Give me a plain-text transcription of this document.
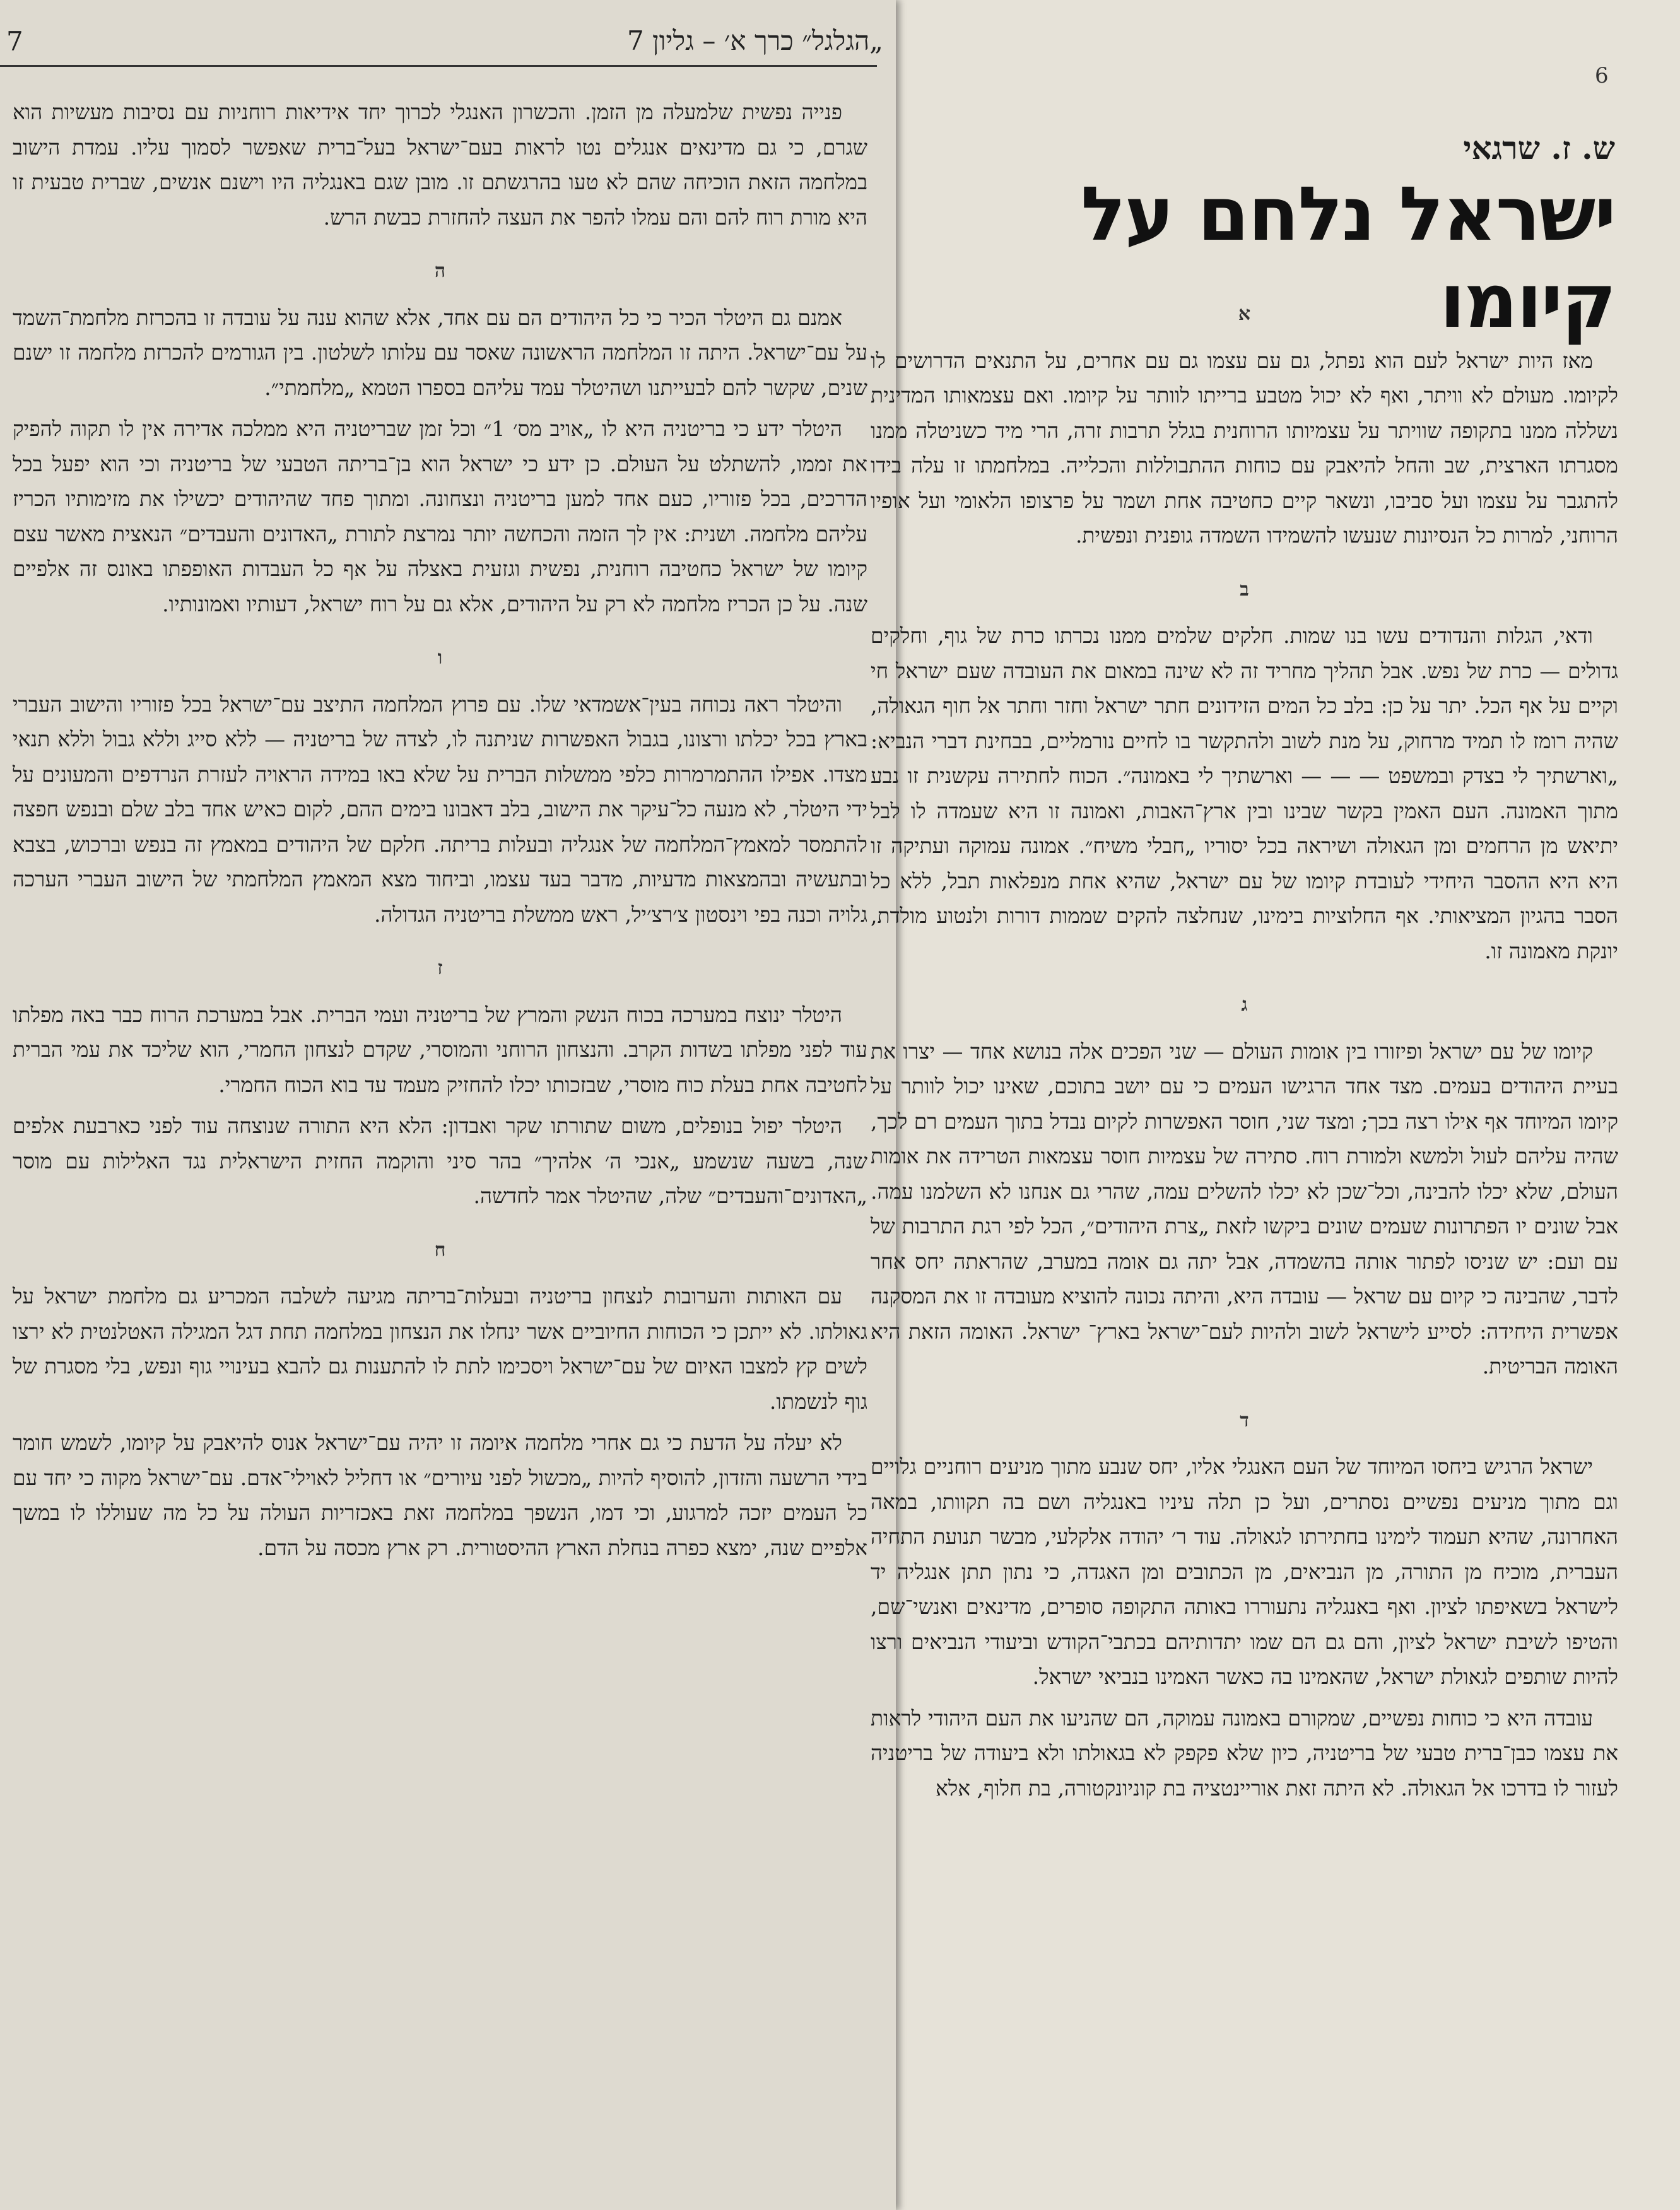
7	„הגלגל״ כרך א׳ – גליון 7
6
ש. ז. שרגאי
ישראל נלחם על קיומו
א

מאז היות ישראל לעם הוא נפתל, גם עם עצמו גם עם אחרים, על התנאים הדרושים לו לקיומו. מעולם לא וויתר, ואף לא יכול מטבע ברייתו לוותר על קיומו. ואם עצמאותו המדינית נשללה ממנו בתקופה שוויתר על עצמיותו הרוחנית בגלל תרבות זרה, הרי מיד כשניטלה ממנו מסגרתו הארצית, שב והחל להיאבק עם כוחות ההתבוללות והכלייה. במלחמתו זו עלה בידו להתגבר על עצמו ועל סביבו, ונשאר קיים כחטיבה אחת ושמר על פרצופו הלאומי ועל אופיו הרוחני, למרות כל הנסיונות שנעשו להשמידו השמדה גופנית ונפשית.

ב

ודאי, הגלות והנדודים עשו בנו שמות. חלקים שלמים ממנו נכרתו כרת של גוף, וחלקים גדולים — כרת של נפש. אבל תהליך מחריד זה לא שינה במאום את העובדה שעם ישראל חי וקיים על אף הכל. יתר על כן: בלב כל המים הזידונים חתר ישראל וחזר וחתר אל חוף הגאולה, שהיה רומז לו תמיד מרחוק, על מנת לשוב ולהתקשר בו לחיים נורמליים, בבחינת דברי הנביא: „וארשתיך לי בצדק ובמשפט — — — וארשתיך לי באמונה״. הכוח לחתירה עקשנית זו נבע מתוך האמונה. העם האמין בקשר שבינו ובין ארץ־האבות, ואמונה זו היא שעמדה לו לבל יתיאש מן הרחמים ומן הגאולה ושיראה בכל יסוריו „חבלי משיח״. אמונה עמוקה ועתיקה זו היא היא ההסבר היחידי לעובדת קיומו של עם ישראל, שהיא אחת מנפלאות תבל, ללא כל הסבר בהגיון המציאותי. אף החלוציות בימינו, שנחלצה להקים שממות דורות ולנטוע מולדת, יונקת מאמונה זו.

ג

קיומו של עם ישראל ופיזורו בין אומות העולם — שני הפכים אלה בנושא אחד — יצרו את בעיית היהודים בעמים. מצד אחד הרגישו העמים כי עם יושב בתוכם, שאינו יכול לוותר על קיומו המיוחד אף אילו רצה בכך; ומצד שני, חוסר האפשרות לקיום נבדל בתוך העמים רם לכך, שהיה עליהם לעול ולמשא ולמורת רוח. סתירה של עצמיות חוסר עצמאות הטרידה את אומות העולם, שלא יכלו להבינה, וכל־שכן לא יכלו להשלים עמה, שהרי גם אנחנו לא השלמנו עמה. אבל שונים יו הפתרונות שעמים שונים ביקשו לזאת „צרת היהודים״, הכל לפי רגת התרבות של עם ועם: יש שניסו לפתור אותה בהשמדה, אבל יתה גם אומה במערב, שהראתה יחס אחר לדבר, שהבינה כי קיום עם שראל — עובדה היא, והיתה נכונה להוציא מעובדה זו את המסקנה אפשרית היחידה: לסייע לישראל לשוב ולהיות לעם־ישראל בארץ־ ישראל. האומה הזאת היא האומה הבריטית.

ד

ישראל הרגיש ביחסו המיוחד של העם האנגלי אליו, יחס שנבע מתוך מניעים רוחניים גלויים וגם מתוך מניעים נפשיים נסתרים, ועל כן תלה עיניו באנגליה ושם בה תקוותו, במאה האחרונה, שהיא תעמוד לימינו בחתירתו לגאולה. עוד ר׳ יהודה אלקלעי, מבשר תנועת התחיה העברית, מוכיח מן התורה, מן הנביאים, מן הכתובים ומן האגדה, כי נתון תתן אנגליה יד לישראל בשאיפתו לציון. ואף באנגליה נתעוררו באותה התקופה סופרים, מדינאים ואנשי־שם, והטיפו לשיבת ישראל לציון, והם גם הם שמו יתדותיהם בכתבי־הקודש וביעודי הנביאים ורצו להיות שותפים לגאולת ישראל, שהאמינו בה כאשר האמינו בנביאי ישראל.

עובדה היא כי כוחות נפשיים, שמקורם באמונה עמוקה, הם שהניעו את העם היהודי לראות את עצמו כבן־ברית טבעי של בריטניה, כיון שלא פקפק לא בגאולתו ולא ביעודה של בריטניה לעזור לו בדרכו אל הגאולה. לא היתה זאת אוריינטציה בת קוניונקטורה, בת חלוף, אלא

פנייה נפשית שלמעלה מן הזמן. והכשרון האנגלי לכרוך יחד אידיאות רוחניות עם נסיבות מעשיות הוא שגרם, כי גם מדינאים אנגלים נטו לראות בעם־ישראל בעל־ברית שאפשר לסמוך עליו. עמדת הישוב במלחמה הזאת הוכיחה שהם לא טעו בהרגשתם זו. מובן שגם באנגליה היו וישנם אנשים, שברית טבעית זו היא מורת רוח להם והם עמלו להפר את העצה להחזרת כבשת הרש.

ה

אמנם גם היטלר הכיר כי כל היהודים הם עם אחד, אלא שהוא ענה על עובדה זו בהכרזת מלחמת־השמד על עם־ישראל. היתה זו המלחמה הראשונה שאסר עם עלותו לשלטון. בין הגורמים להכרזת מלחמה זו ישנם שנים, שקשר להם לבעייתנו ושהיטלר עמד עליהם בספרו הטמא „מלחמתי״.

היטלר ידע כי בריטניה היא לו „אויב מס׳ 1״ וכל זמן שבריטניה היא ממלכה אדירה אין לו תקוה להפיק את זממו, להשתלט על העולם. כן ידע כי ישראל הוא בן־בריתה הטבעי של בריטניה וכי הוא יפעל בכל הדרכים, בכל פזוריו, כעם אחד למען בריטניה ונצחונה. ומתוך פחד שהיהודים יכשילו את מזימותיו הכריז עליהם מלחמה. ושנית: אין לך הזמה והכחשה יותר נמרצת לתורת „האדונים והעבדים״ הנאצית מאשר עצם קיומו של ישראל כחטיבה רוחנית, נפשית וגזעית באצלה על אף כל העבדות האופפתו באונס זה אלפיים שנה. על כן הכריז מלחמה לא רק על היהודים, אלא גם על רוח ישראל, דעותיו ואמונותיו.

ו

והיטלר ראה נכוחה בעין־אשמדאי שלו. עם פרוץ המלחמה התיצב עם־ישראל בכל פזוריו והישוב העברי בארץ בכל יכלתו ורצונו, בגבול האפשרות שניתנה לו, לצדה של בריטניה — ללא סייג וללא גבול וללא תנאי מצדו. אפילו ההתמרמרות כלפי ממשלות הברית על שלא באו במידה הראויה לעזרת הנרדפים והמעונים על ידי היטלר, לא מנעה כל־עיקר את הישוב, בלב דאבונו בימים ההם, לקום כאיש אחד בלב שלם ובנפש חפצה להתמסר למאמץ־המלחמה של אנגליה ובעלות בריתה. חלקם של היהודים במאמץ זה בנפש וברכוש, בצבא ובתעשיה ובהמצאות מדעיות, מדבר בעד עצמו, וביחוד מצא המאמץ המלחמתי של הישוב העברי הערכה גלויה וכנה בפי וינסטון צ׳רצ׳יל, ראש ממשלת בריטניה הגדולה.

ז

היטלר ינוצח במערכה בכוח הנשק והמרץ של בריטניה ועמי הברית. אבל במערכת הרוח כבר באה מפלתו עוד לפני מפלתו בשדות הקרב. והנצחון הרוחני והמוסרי, שקדם לנצחון החמרי, הוא שליכד את עמי הברית לחטיבה אחת בעלת כוח מוסרי, שבזכותו יכלו להחזיק מעמד עד בוא הכוח החמרי.

היטלר יפול בנופלים, משום שתורתו שקר ואבדון: הלא היא התורה שנוצחה עוד לפני כארבעת אלפים שנה, בשעה שנשמע „אנכי ה׳ אלהיך״ בהר סיני והוקמה החזית הישראלית נגד האלילות עם מוסר „האדונים־והעבדים״ שלה, שהיטלר אמר לחדשה.

ח

עם האותות והערובות לנצחון בריטניה ובעלות־בריתה מגיעה לשלבה המכריע גם מלחמת ישראל על גאולתו. לא ייתכן כי הכוחות החיוביים אשר ינחלו את הנצחון במלחמה תחת דגל המגילה האטלנטית לא ירצו לשים קץ למצבו האיום של עם־ישראל ויסכימו לתת לו להתענות גם להבא בעינויי גוף ונפש, בלי מסגרת של גוף לנשמתו.

לא יעלה על הדעת כי גם אחרי מלחמה איומה זו יהיה עם־ישראל אנוס להיאבק על קיומו, לשמש חומר בידי הרשעה והזדון, להוסיף להיות „מכשול לפני עיורים״ או דחליל לאוילי־אדם. עם־ישראל מקוה כי יחד עם כל העמים יזכה למרגוע, וכי דמו, הנשפך במלחמה זאת באכזריות העולה על כל מה שעוללו לו במשך אלפיים שנה, ימצא כפרה בנחלת הארץ ההיסטורית. רק ארץ מכסה על הדם.
